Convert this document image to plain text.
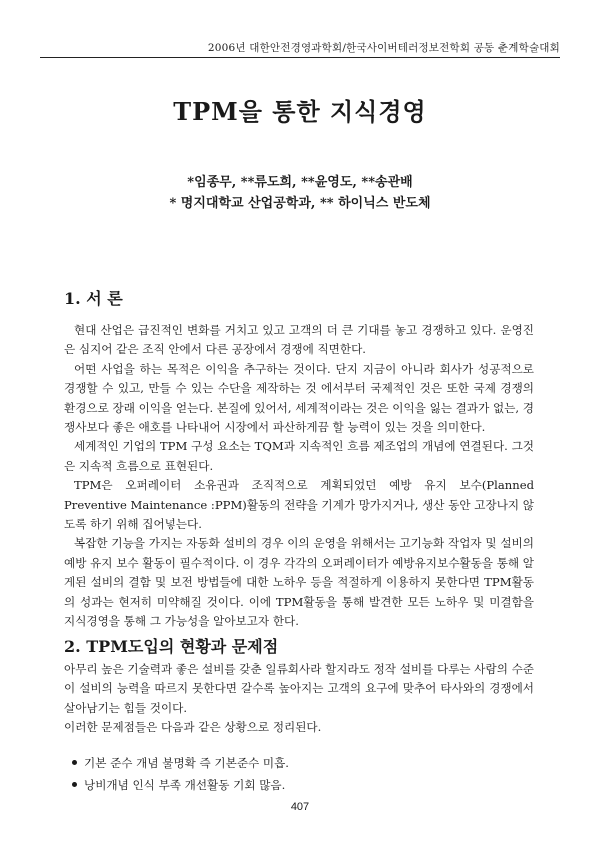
2006년 대한안전경영과학회/한국사이버테러정보전학회 공동 춘계학술대회
TPM을 통한 지식경영
*임종무, **류도희, **윤영도, **송관배
* 명지대학교 산업공학과, ** 하이닉스 반도체
1. 서 론

현대 산업은 급진적인 변화를 거치고 있고 고객의 더 큰 기대를 놓고 경쟁하고 있다. 운영진은 심지어 같은 조직 안에서 다른 공장에서 경쟁에 직면한다.

어떤 사업을 하는 목적은 이익을 추구하는 것이다. 단지 지금이 아니라 회사가 성공적으로 경쟁할 수 있고, 만들 수 있는 수단을 제작하는 것 에서부터 국제적인 것은 또한 국제 경쟁의 환경으로 장래 이익을 얻는다. 본질에 있어서, 세계적이라는 것은 이익을 잃는 결과가 없는, 경쟁사보다 좋은 애호를 나타내어 시장에서 파산하게끔 할 능력이 있는 것을 의미한다.

세계적인 기업의 TPM 구성 요소는 TQM과 지속적인 흐름 제조업의 개념에 연결된다. 그것은 지속적 흐름으로 표현된다.

TPM은 오퍼레이터 소유권과 조직적으로 계획되었던 예방 유지 보수(Planned Preventive Maintenance :PPM)활동의 전략을 기계가 망가지거나, 생산 동안 고장나지 않도록 하기 위해 집어넣는다.

복잡한 기능을 가지는 자동화 설비의 경우 이의 운영을 위해서는 고기능화 작업자 및 설비의 예방 유지 보수 활동이 필수적이다. 이 경우 각각의 오퍼레이터가 예방유지보수활동을 통해 알게된 설비의 결함 및 보전 방법들에 대한 노하우 등을 적절하게 이용하지 못한다면 TPM활동의 성과는 현저히 미약해질 것이다. 이에 TPM활동을 통해 발견한 모든 노하우 및 미결함을 지식경영을 통해 그 가능성을 알아보고자 한다.

2. TPM도입의 현황과 문제점

아무리 높은 기술력과 좋은 설비를 갖춘 일류회사라 할지라도 정작 설비를 다루는 사람의 수준이 설비의 능력을 따르지 못한다면 갈수록 높아지는 고객의 요구에 맞추어 타사와의 경쟁에서 살아남기는 힘들 것이다.

이러한 문제점들은 다음과 같은 상황으로 정리된다.

기본 준수 개념 불명확 즉 기본준수 미흡.
낭비개념 인식 부족 개선활동 기회 많음.
407
